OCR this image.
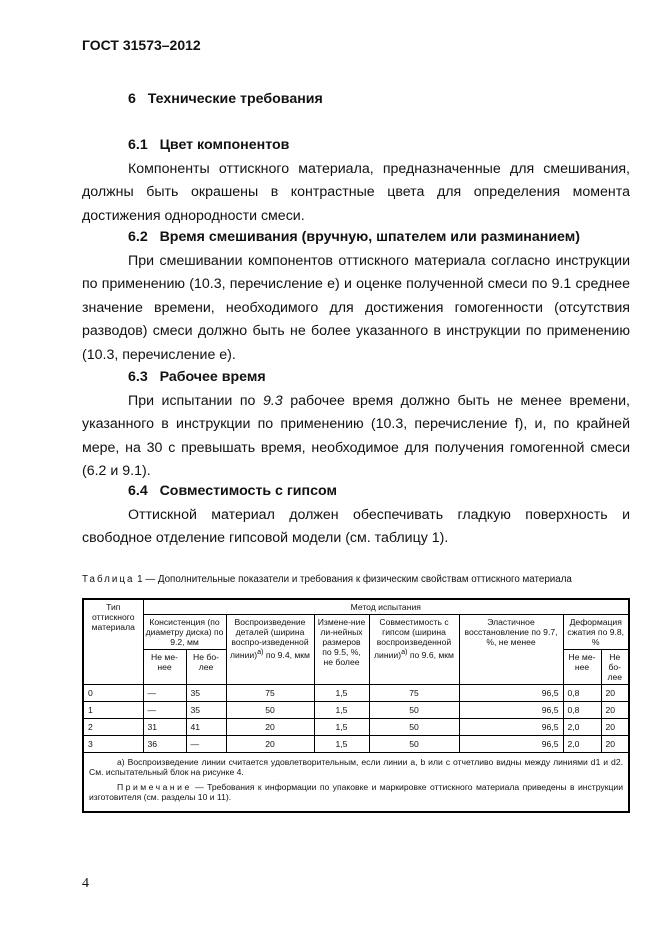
ГОСТ 31573–2012
6 Технические требования
6.1 Цвет компонентов

Компоненты оттискного материала, предназначенные для смешивания, должны быть окрашены в контрастные цвета для определения момента достижения однородности смеси.

6.2 Время смешивания (вручную, шпателем или разминанием)

При смешивании компонентов оттискного материала согласно инструкции по применению (10.3, перечисление е) и оценке полученной смеси по 9.1 среднее значение времени, необходимого для достижения гомогенности (отсутствия разводов) смеси должно быть не более указанного в инструкции по применению (10.3, перечисление е).

6.3 Рабочее время

При испытании по 9.3 рабочее время должно быть не менее времени, указанного в инструкции по применению (10.3, перечисление f), и, по крайней мере, на 30 с превышать время, необходимое для получения гомогенной смеси (6.2 и 9.1).

6.4 Совместимость с гипсом

Оттискной материал должен обеспечивать гладкую поверхность и свободное отделение гипсовой модели (см. таблицу 1).

Таблица 1 — Дополнительные показатели и требования к физическим свойствам оттискного материала
Тип оттискного материала	Метод испытания							
	Консистенция (по диаметру диска) по 9.2, мм		Воспроизведение деталей (ширина воспро-изведенной линии)$^{а)}$ по 9.4, мкм	Измене-ние ли-нейных размеров по 9.5, %, не более	Совместимость с гипсом (ширина воспроизведенной линии)$^{а)}$ по 9.6, мкм	Эластичное восстановление по 9.7, %, не менее	Деформация сжатия по 9.8, %	
	Не ме-нее	Не бо-лее					Не ме-нее	Не бо-лее
0	—	35	75	1,5	75	96,5	0,8	20
1	—	35	50	1,5	50	96,5	0,8	20
2	31	41	20	1,5	50	96,5	2,0	20
3	36	—	20	1,5	50	96,5	2,0	20

а) Воспроизведение линии считается удовлетворительным, если линии a, b или c отчетливо видны между линиями d1 и d2. См. испытательный блок на рисунке 4.

Примечание — Требования к информации по упаковке и маркировке оттискного материала приведены в инструкции изготовителя (см. разделы 10 и 11).								

4
